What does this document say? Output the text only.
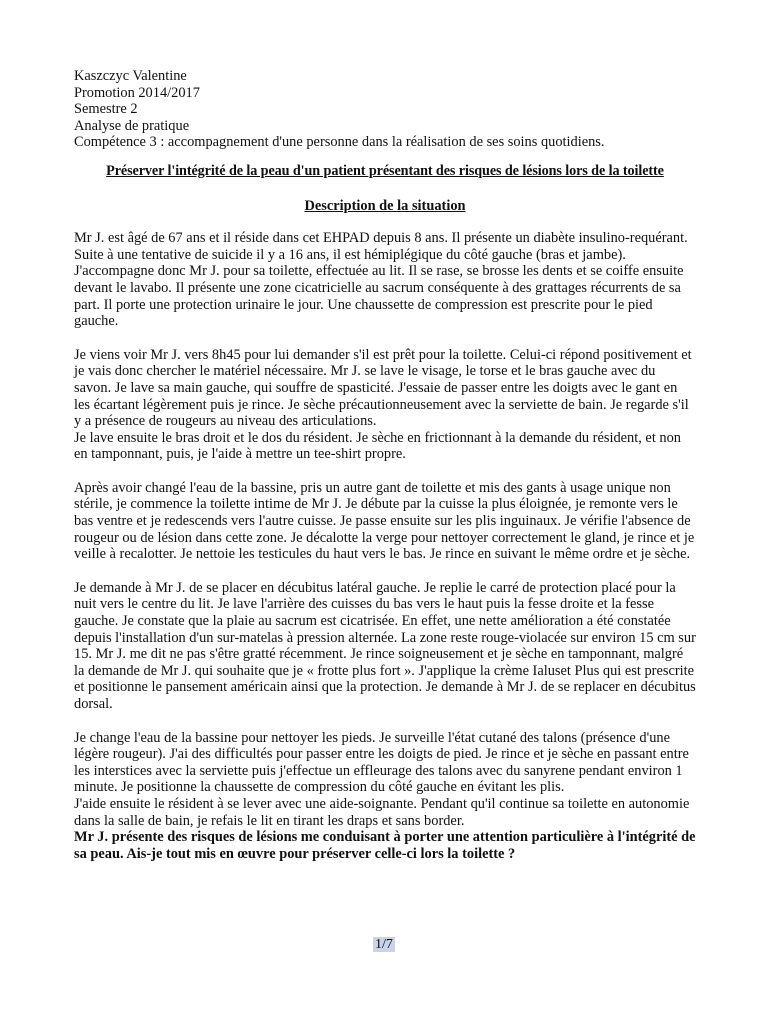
Kaszczyc Valentine
Promotion 2014/2017
Semestre 2
Analyse de pratique
Compétence 3 : accompagnement d'une personne dans la réalisation de ses soins quotidiens.
Préserver l'intégrité de la peau d'un patient présentant des risques de lésions lors de la toilette
Description de la situation

Mr J. est âgé de 67 ans et il réside dans cet EHPAD depuis 8 ans. Il présente un diabète insulino-requérant. Suite à une tentative de suicide il y a 16 ans, il est hémiplégique du côté gauche (bras et jambe). J'accompagne donc Mr J. pour sa toilette, effectuée au lit. Il se rase, se brosse les dents et se coiffe ensuite devant le lavabo. Il présente une zone cicatricielle au sacrum conséquente à des grattages récurrents de sa part. Il porte une protection urinaire le jour. Une chaussette de compression est prescrite pour le pied gauche.

Je viens voir Mr J. vers 8h45 pour lui demander s'il est prêt pour la toilette. Celui-ci répond positivement et je vais donc chercher le matériel nécessaire. Mr J. se lave le visage, le torse et le bras gauche avec du savon. Je lave sa main gauche, qui souffre de spasticité. J'essaie de passer entre les doigts avec le gant en les écartant légèrement puis je rince. Je sèche précautionneusement avec la serviette de bain. Je regarde s'il y a présence de rougeurs au niveau des articulations.

Je lave ensuite le bras droit et le dos du résident. Je sèche en frictionnant à la demande du résident, et non en tamponnant, puis, je l'aide à mettre un tee-shirt propre.

Après avoir changé l'eau de la bassine, pris un autre gant de toilette et mis des gants à usage unique non stérile, je commence la toilette intime de Mr J. Je débute par la cuisse la plus éloignée, je remonte vers le bas ventre et je redescends vers l'autre cuisse. Je passe ensuite sur les plis inguinaux. Je vérifie l'absence de rougeur ou de lésion dans cette zone. Je décalotte la verge pour nettoyer correctement le gland, je rince et je veille à recalotter. Je nettoie les testicules du haut vers le bas. Je rince en suivant le même ordre et je sèche.

Je demande à Mr J. de se placer en décubitus latéral gauche. Je replie le carré de protection placé pour la nuit vers le centre du lit. Je lave l'arrière des cuisses du bas vers le haut puis la fesse droite et la fesse gauche. Je constate que la plaie au sacrum est cicatrisée. En effet, une nette amélioration a été constatée depuis l'installation d'un sur-matelas à pression alternée. La zone reste rouge-violacée sur environ 15 cm sur 15. Mr J. me dit ne pas s'être gratté récemment. Je rince soigneusement et je sèche en tamponnant, malgré la demande de Mr J. qui souhaite que je « frotte plus fort ». J'applique la crème Ialuset Plus qui est prescrite et positionne le pansement américain ainsi que la protection. Je demande à Mr J. de se replacer en décubitus dorsal.

Je change l'eau de la bassine pour nettoyer les pieds. Je surveille l'état cutané des talons (présence d'une légère rougeur). J'ai des difficultés pour passer entre les doigts de pied. Je rince et je sèche en passant entre les interstices avec la serviette puis j'effectue un effleurage des talons avec du sanyrene pendant environ 1 minute. Je positionne la chaussette de compression du côté gauche en évitant les plis.

J'aide ensuite le résident à se lever avec une aide-soignante. Pendant qu'il continue sa toilette en autonomie dans la salle de bain, je refais le lit en tirant les draps et sans border.

Mr J. présente des risques de lésions me conduisant à porter une attention particulière à l'intégrité de sa peau. Ais-je tout mis en œuvre pour préserver celle-ci lors la toilette ?

1/7
